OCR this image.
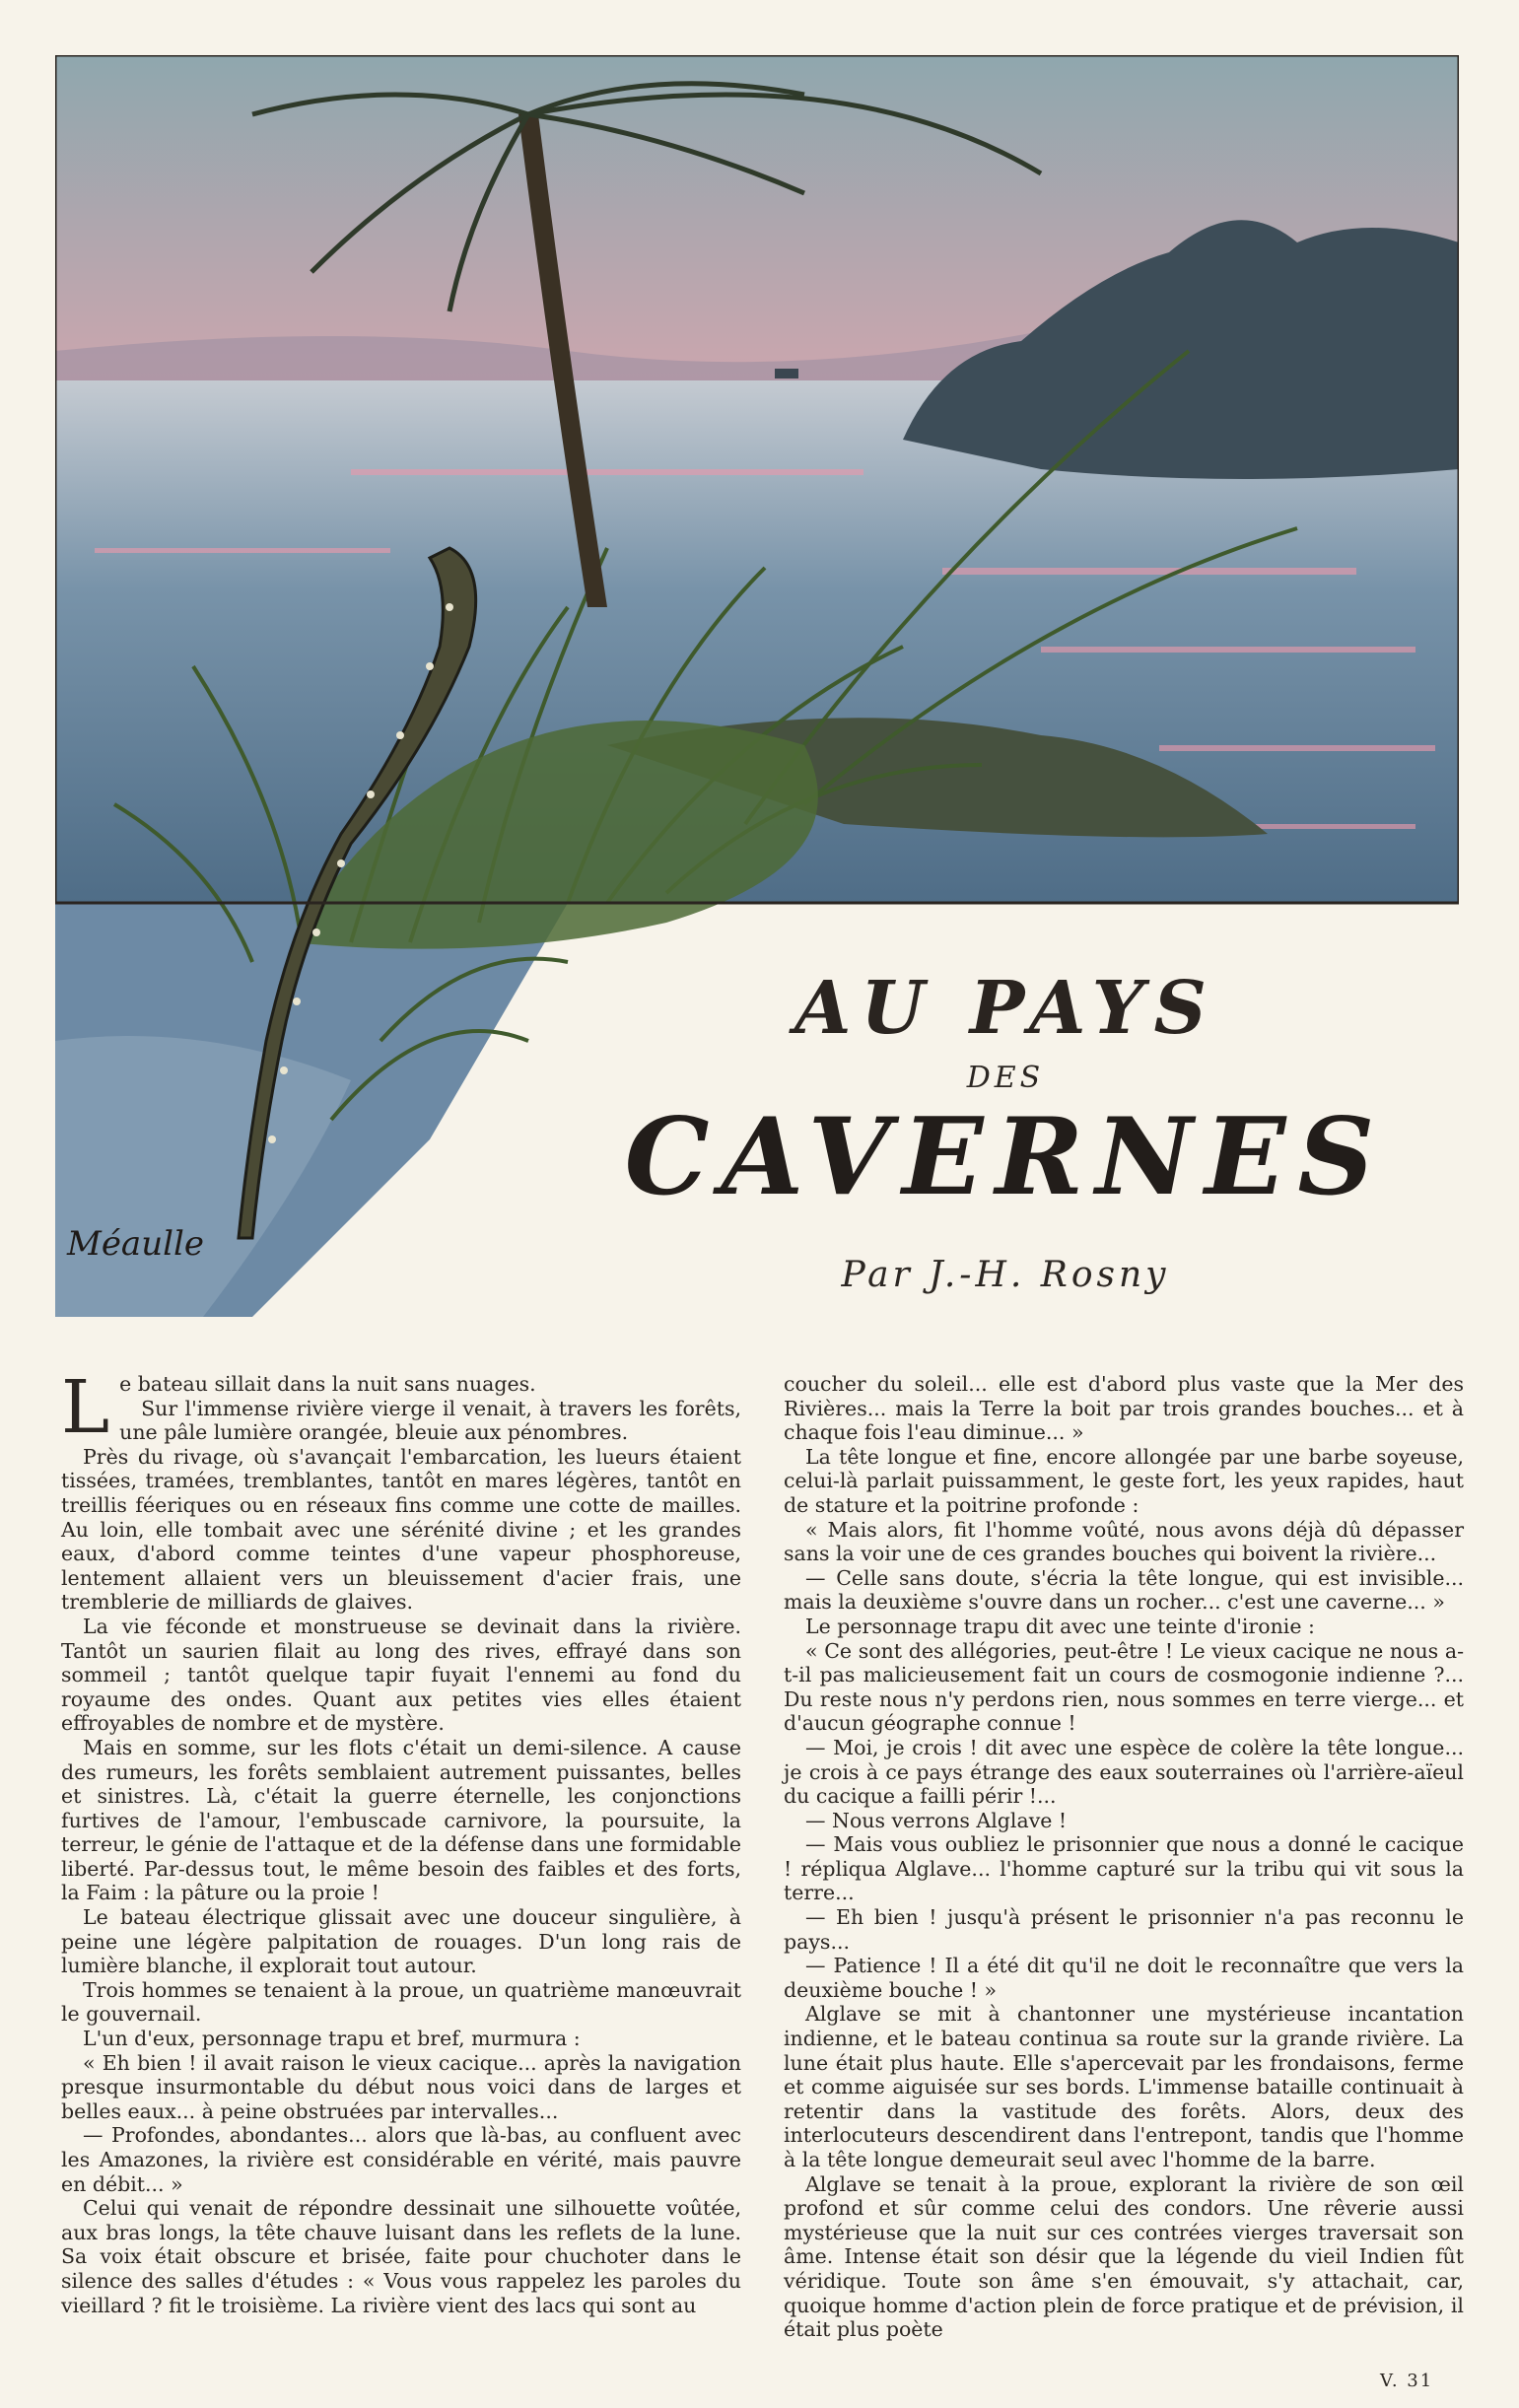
Méaulle
AU PAYS
DES
CAVERNES
Par J.-H. Rosny

Le bateau sillait dans la nuit sans nuages.

Sur l'immense rivière vierge il venait, à travers les forêts, une pâle lumière orangée, bleuie aux pénombres.

Près du rivage, où s'avançait l'embarcation, les lueurs étaient tissées, tramées, tremblantes, tantôt en mares légères, tantôt en treillis féeriques ou en réseaux fins comme une cotte de mailles. Au loin, elle tombait avec une sérénité divine ; et les grandes eaux, d'abord comme teintes d'une vapeur phosphoreuse, lentement allaient vers un bleuissement d'acier frais, une tremblerie de milliards de glaives.

La vie féconde et monstrueuse se devinait dans la rivière. Tantôt un saurien filait au long des rives, effrayé dans son sommeil ; tantôt quelque tapir fuyait l'ennemi au fond du royaume des ondes. Quant aux petites vies elles étaient effroyables de nombre et de mystère.

Mais en somme, sur les flots c'était un demi-silence. A cause des rumeurs, les forêts semblaient autrement puissantes, belles et sinistres. Là, c'était la guerre éternelle, les conjonctions furtives de l'amour, l'embuscade carnivore, la poursuite, la terreur, le génie de l'attaque et de la défense dans une formidable liberté. Par-dessus tout, le même besoin des faibles et des forts, la Faim : la pâture ou la proie !

Le bateau électrique glissait avec une douceur singulière, à peine une légère palpitation de rouages. D'un long rais de lumière blanche, il explorait tout autour.

Trois hommes se tenaient à la proue, un quatrième manœuvrait le gouvernail.

L'un d'eux, personnage trapu et bref, murmura :

« Eh bien ! il avait raison le vieux cacique... après la navigation presque insurmontable du début nous voici dans de larges et belles eaux... à peine obstruées par intervalles...

— Profondes, abondantes... alors que là-bas, au confluent avec les Amazones, la rivière est considérable en vérité, mais pauvre en débit... »

Celui qui venait de répondre dessinait une silhouette voûtée, aux bras longs, la tête chauve luisant dans les reflets de la lune. Sa voix était obscure et brisée, faite pour chuchoter dans le silence des salles d'études : « Vous vous rappelez les paroles du vieillard ? fit le troisième. La rivière vient des lacs qui sont au

coucher du soleil... elle est d'abord plus vaste que la Mer des Rivières... mais la Terre la boit par trois grandes bouches... et à chaque fois l'eau diminue... »

La tête longue et fine, encore allongée par une barbe soyeuse, celui-là parlait puissamment, le geste fort, les yeux rapides, haut de stature et la poitrine profonde :

« Mais alors, fit l'homme voûté, nous avons déjà dû dépasser sans la voir une de ces grandes bouches qui boivent la rivière...

— Celle sans doute, s'écria la tête longue, qui est invisible... mais la deuxième s'ouvre dans un rocher... c'est une caverne... »

Le personnage trapu dit avec une teinte d'ironie :

« Ce sont des allégories, peut-être ! Le vieux cacique ne nous a-t-il pas malicieusement fait un cours de cosmogonie indienne ?... Du reste nous n'y perdons rien, nous sommes en terre vierge... et d'aucun géographe connue !

— Moi, je crois ! dit avec une espèce de colère la tête longue... je crois à ce pays étrange des eaux souterraines où l'arrière-aïeul du cacique a failli périr !...

— Nous verrons Alglave !

— Mais vous oubliez le prisonnier que nous a donné le cacique ! répliqua Alglave... l'homme capturé sur la tribu qui vit sous la terre...

— Eh bien ! jusqu'à présent le prisonnier n'a pas reconnu le pays...

— Patience ! Il a été dit qu'il ne doit le reconnaître que vers la deuxième bouche ! »

Alglave se mit à chantonner une mystérieuse incantation indienne, et le bateau continua sa route sur la grande rivière. La lune était plus haute. Elle s'apercevait par les frondaisons, ferme et comme aiguisée sur ses bords. L'immense bataille continuait à retentir dans la vastitude des forêts. Alors, deux des interlocuteurs descendirent dans l'entrepont, tandis que l'homme à la tête longue demeurait seul avec l'homme de la barre.

Alglave se tenait à la proue, explorant la rivière de son œil profond et sûr comme celui des condors. Une rêverie aussi mystérieuse que la nuit sur ces contrées vierges traversait son âme. Intense était son désir que la légende du vieil Indien fût véridique. Toute son âme s'en émouvait, s'y attachait, car, quoique homme d'action plein de force pratique et de prévision, il était plus poète

V. 31
